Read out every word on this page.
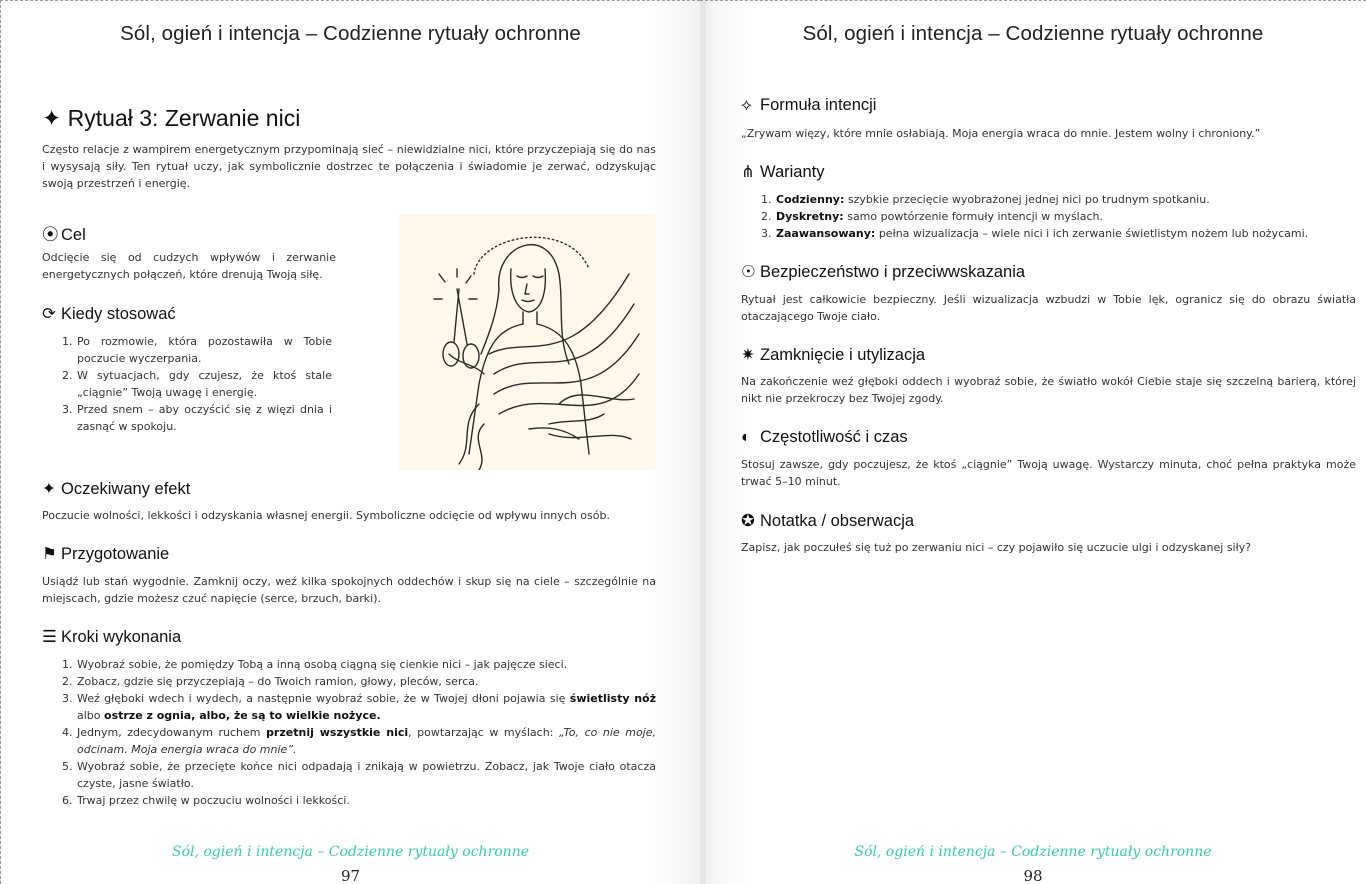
Sól, ogień i intencja – Codzienne rytuały ochronne
✦ Rytuał 3: Zerwanie nici
Często relacje z wampirem energetycznym przypominają sieć – niewidzialne nici, które przyczepiają się do nas i wysysają siły. Ten rytuał uczy, jak symbolicznie dostrzec te połączenia i świadomie je zerwać, odzyskując swoją przestrzeń i energię.
⦿ Cel
Odcięcie się od cudzych wpływów i zerwanie energetycznych połączeń, które drenują Twoją siłę.
⟳ Kiedy stosować
1. Po rozmowie, która pozostawiła w Tobie poczucie wyczerpania.
2. W sytuacjach, gdy czujesz, że ktoś stale „ciągnie” Twoją uwagę i energię.
3. Przed snem – aby oczyścić się z więzi dnia i zasnąć w spokoju.
✦ Oczekiwany efekt
Poczucie wolności, lekkości i odzyskania własnej energii. Symboliczne odcięcie od wpływu innych osób.
⚑ Przygotowanie
Usiądź lub stań wygodnie. Zamknij oczy, weź kilka spokojnych oddechów i skup się na ciele – szczególnie na miejscach, gdzie możesz czuć napięcie (serce, brzuch, barki).
☰ Kroki wykonania
1. Wyobraź sobie, że pomiędzy Tobą a inną osobą ciągną się cienkie nici – jak pajęcze sieci.
2. Zobacz, gdzie się przyczepiają – do Twoich ramion, głowy, pleców, serca.
3. Weź głęboki wdech i wydech, a następnie wyobraź sobie, że w Twojej dłoni pojawia się świetlisty nóż albo ostrze z ognia, albo, że są to wielkie nożyce.
4. Jednym, zdecydowanym ruchem przetnij wszystkie nici, powtarzając w myślach: „To, co nie moje, odcinam. Moja energia wraca do mnie”.
5. Wyobraź sobie, że przecięte końce nici odpadają i znikają w powietrzu. Zobacz, jak Twoje ciało otacza czyste, jasne światło.
6. Trwaj przez chwilę w poczuciu wolności i lekkości.
Sól, ogień i intencja – Codzienne rytuały ochronne
97
Sól, ogień i intencja – Codzienne rytuały ochronne
⟡ Formuła intencji
„Zrywam więzy, które mnie osłabiają. Moja energia wraca do mnie. Jestem wolny i chroniony.”
⋔ Warianty
1. Codzienny: szybkie przecięcie wyobrażonej jednej nici po trudnym spotkaniu.
2. Dyskretny: samo powtórzenie formuły intencji w myślach.
3. Zaawansowany: pełna wizualizacja – wiele nici i ich zerwanie świetlistym nożem lub nożycami.
☉ Bezpieczeństwo i przeciwwskazania
Rytuał jest całkowicie bezpieczny. Jeśli wizualizacja wzbudzi w Tobie lęk, ogranicz się do obrazu światła otaczającego Twoje ciało.
✷ Zamknięcie i utylizacja
Na zakończenie weź głęboki oddech i wyobraź sobie, że światło wokół Ciebie staje się szczelną barierą, której nikt nie przekroczy bez Twojej zgody.
◐ Częstotliwość i czas
Stosuj zawsze, gdy poczujesz, że ktoś „ciągnie” Twoją uwagę. Wystarczy minuta, choć pełna praktyka może trwać 5–10 minut.
✪ Notatka / obserwacja
Zapisz, jak poczułeś się tuż po zerwaniu nici – czy pojawiło się uczucie ulgi i odzyskanej siły?
Sól, ogień i intencja – Codzienne rytuały ochronne
98
